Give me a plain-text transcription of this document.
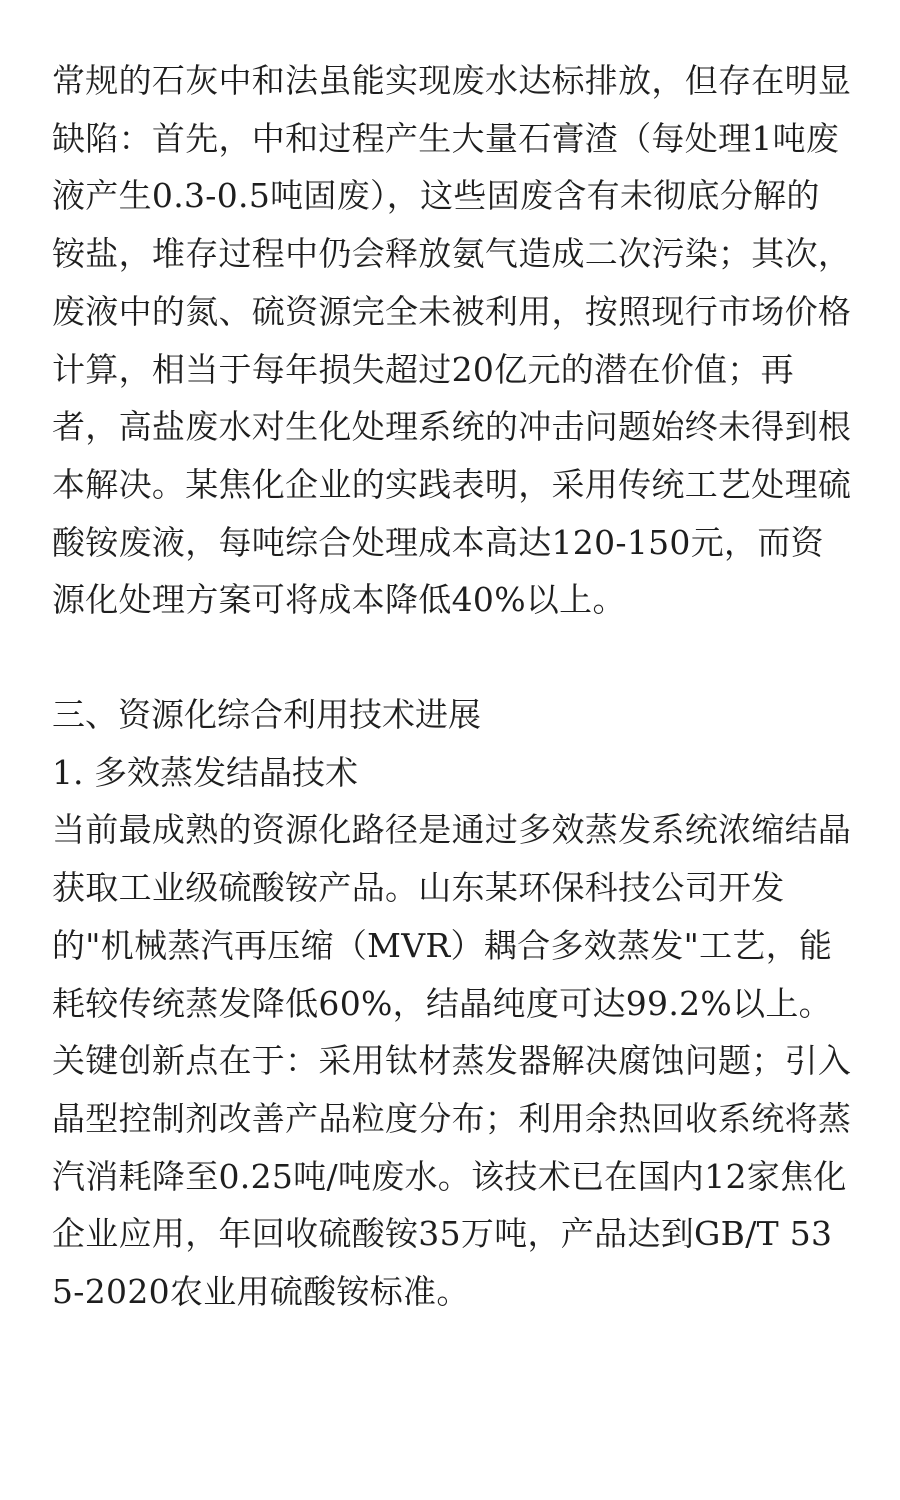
常规的石灰中和法虽能实现废水达标排放，但存在明显缺陷：首先，中和过程产生大量石膏渣（每处理1吨废液产生0.3-0.5吨固废），这些固废含有未彻底分解的铵盐，堆存过程中仍会释放氨气造成二次污染；其次，废液中的氮、硫资源完全未被利用，按照现行市场价格计算，相当于每年损失超过20亿元的潜在价值；再者，高盐废水对生化处理系统的冲击问题始终未得到根本解决。某焦化企业的实践表明，采用传统工艺处理硫酸铵废液，每吨综合处理成本高达120-150元，而资源化处理方案可将成本降低40%以上。

三、资源化综合利用技术进展
1. 多效蒸发结晶技术

当前最成熟的资源化路径是通过多效蒸发系统浓缩结晶获取工业级硫酸铵产品。山东某环保科技公司开发的"机械蒸汽再压缩（MVR）耦合多效蒸发"工艺，能耗较传统蒸发降低60%，结晶纯度可达99.2%以上。关键创新点在于：采用钛材蒸发器解决腐蚀问题；引入晶型控制剂改善产品粒度分布；利用余热回收系统将蒸汽消耗降至0.25吨/吨废水。该技术已在国内12家焦化企业应用，年回收硫酸铵35万吨，产品达到GB/T 535-2020农业用硫酸铵标准。
